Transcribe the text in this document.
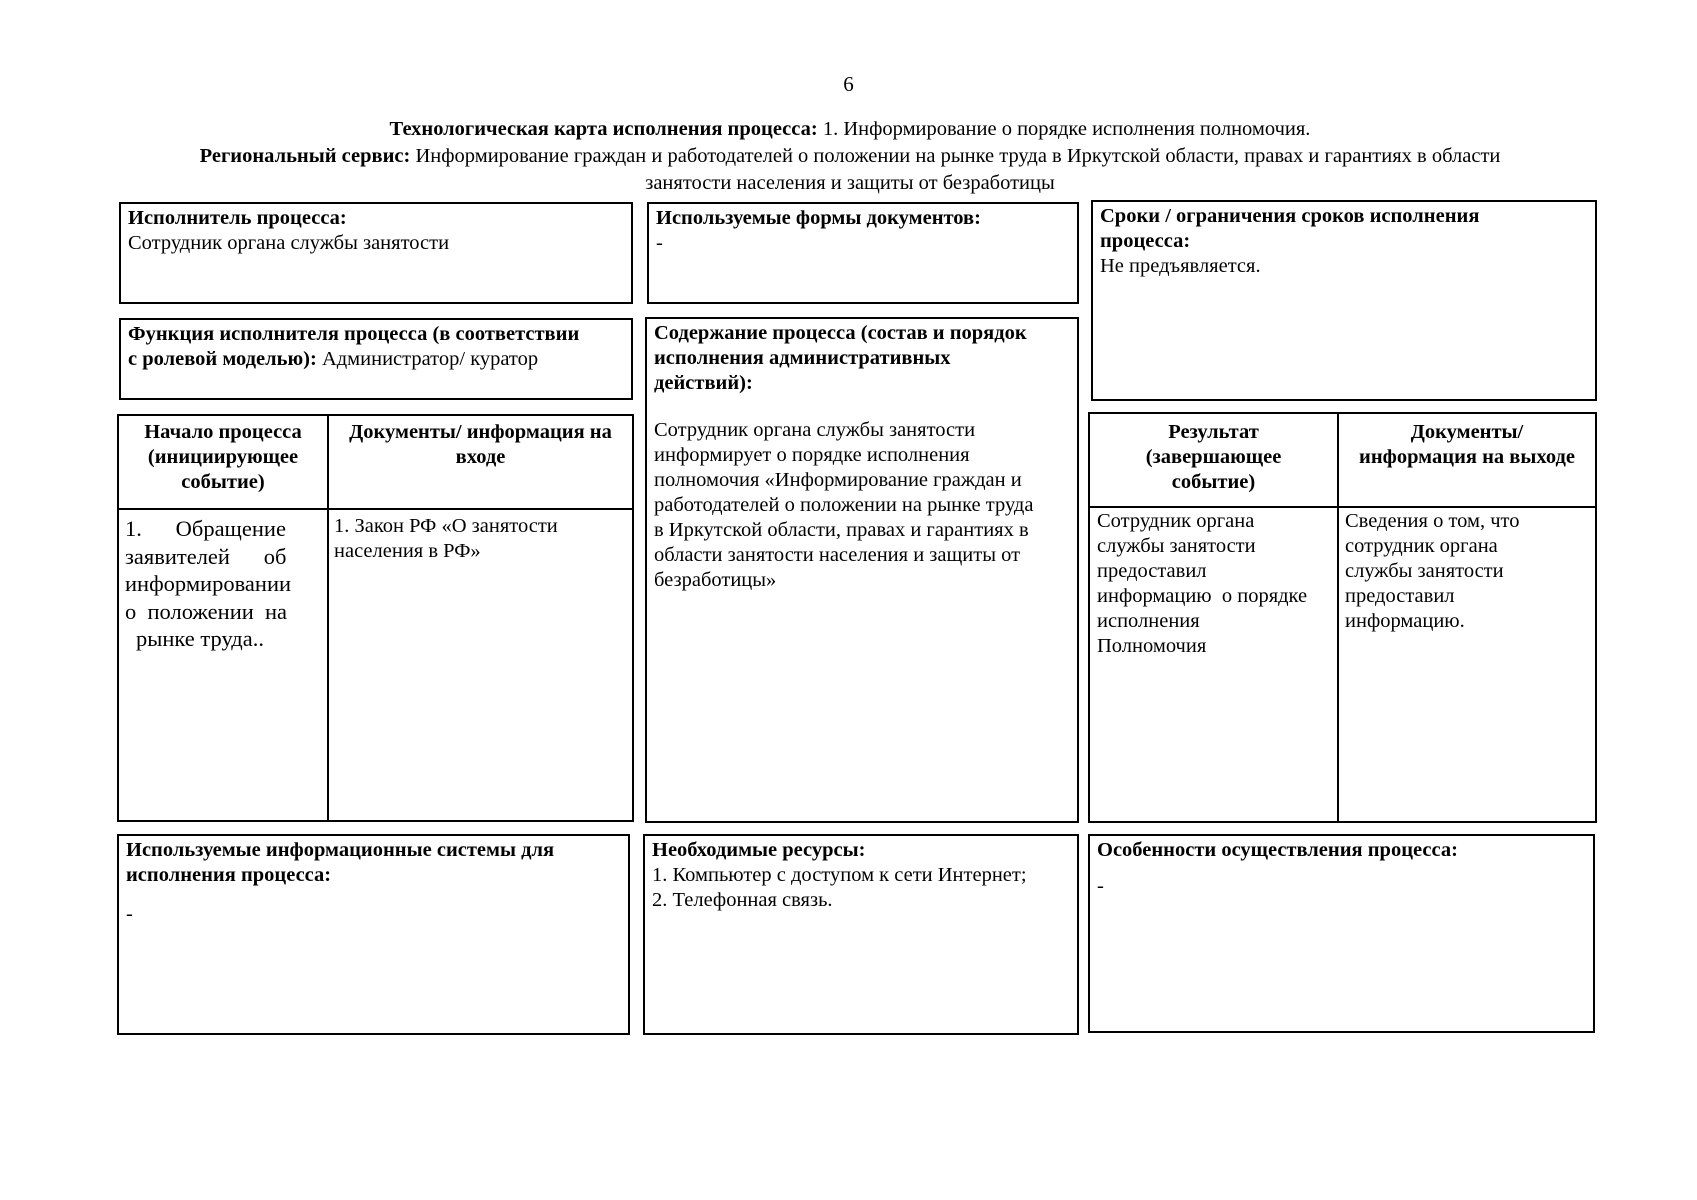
6
Технологическая карта исполнения процесса: 1. Информирование о порядке исполнения полномочия.
Региональный сервис: Информирование граждан и работодателей о положении на рынке труда в Иркутской области, правах и гарантиях в области
занятости населения и защиты от безработицы
Исполнитель процесса:
Сотрудник органа службы занятости
Используемые формы документов:
-
Сроки / ограничения сроков исполнения
процесса:
Не предъявляется.
Функция исполнителя процесса (в соответствии
с ролевой моделью): Администратор/ куратор
Содержание процесса (состав и порядок
исполнения административных
действий):
Сотрудник органа службы занятости
информирует о порядке исполнения
полномочия «Информирование граждан и
работодателей о положении на рынке труда
в Иркутской области, правах и гарантиях в
области занятости населения и защиты от
безработицы»
Начало процесса
(инициирующее
событие)
Документы/ информация на
входе
1.      Обращение
заявителей      об
информировании
о  положении  на
рынке труда..
1. Закон РФ «О занятости
населения в РФ»
Результат
(завершающее
событие)
Документы/
информация на выходе
Сотрудник органа
службы занятости
предоставил
информацию  о порядке
исполнения
Полномочия
Сведения о том, что
сотрудник органа
службы занятости
предоставил
информацию.
Используемые информационные системы для
исполнения процесса:
-
Необходимые ресурсы:
1. Компьютер с доступом к сети Интернет;
2. Телефонная связь.
Особенности осуществления процесса:
-
